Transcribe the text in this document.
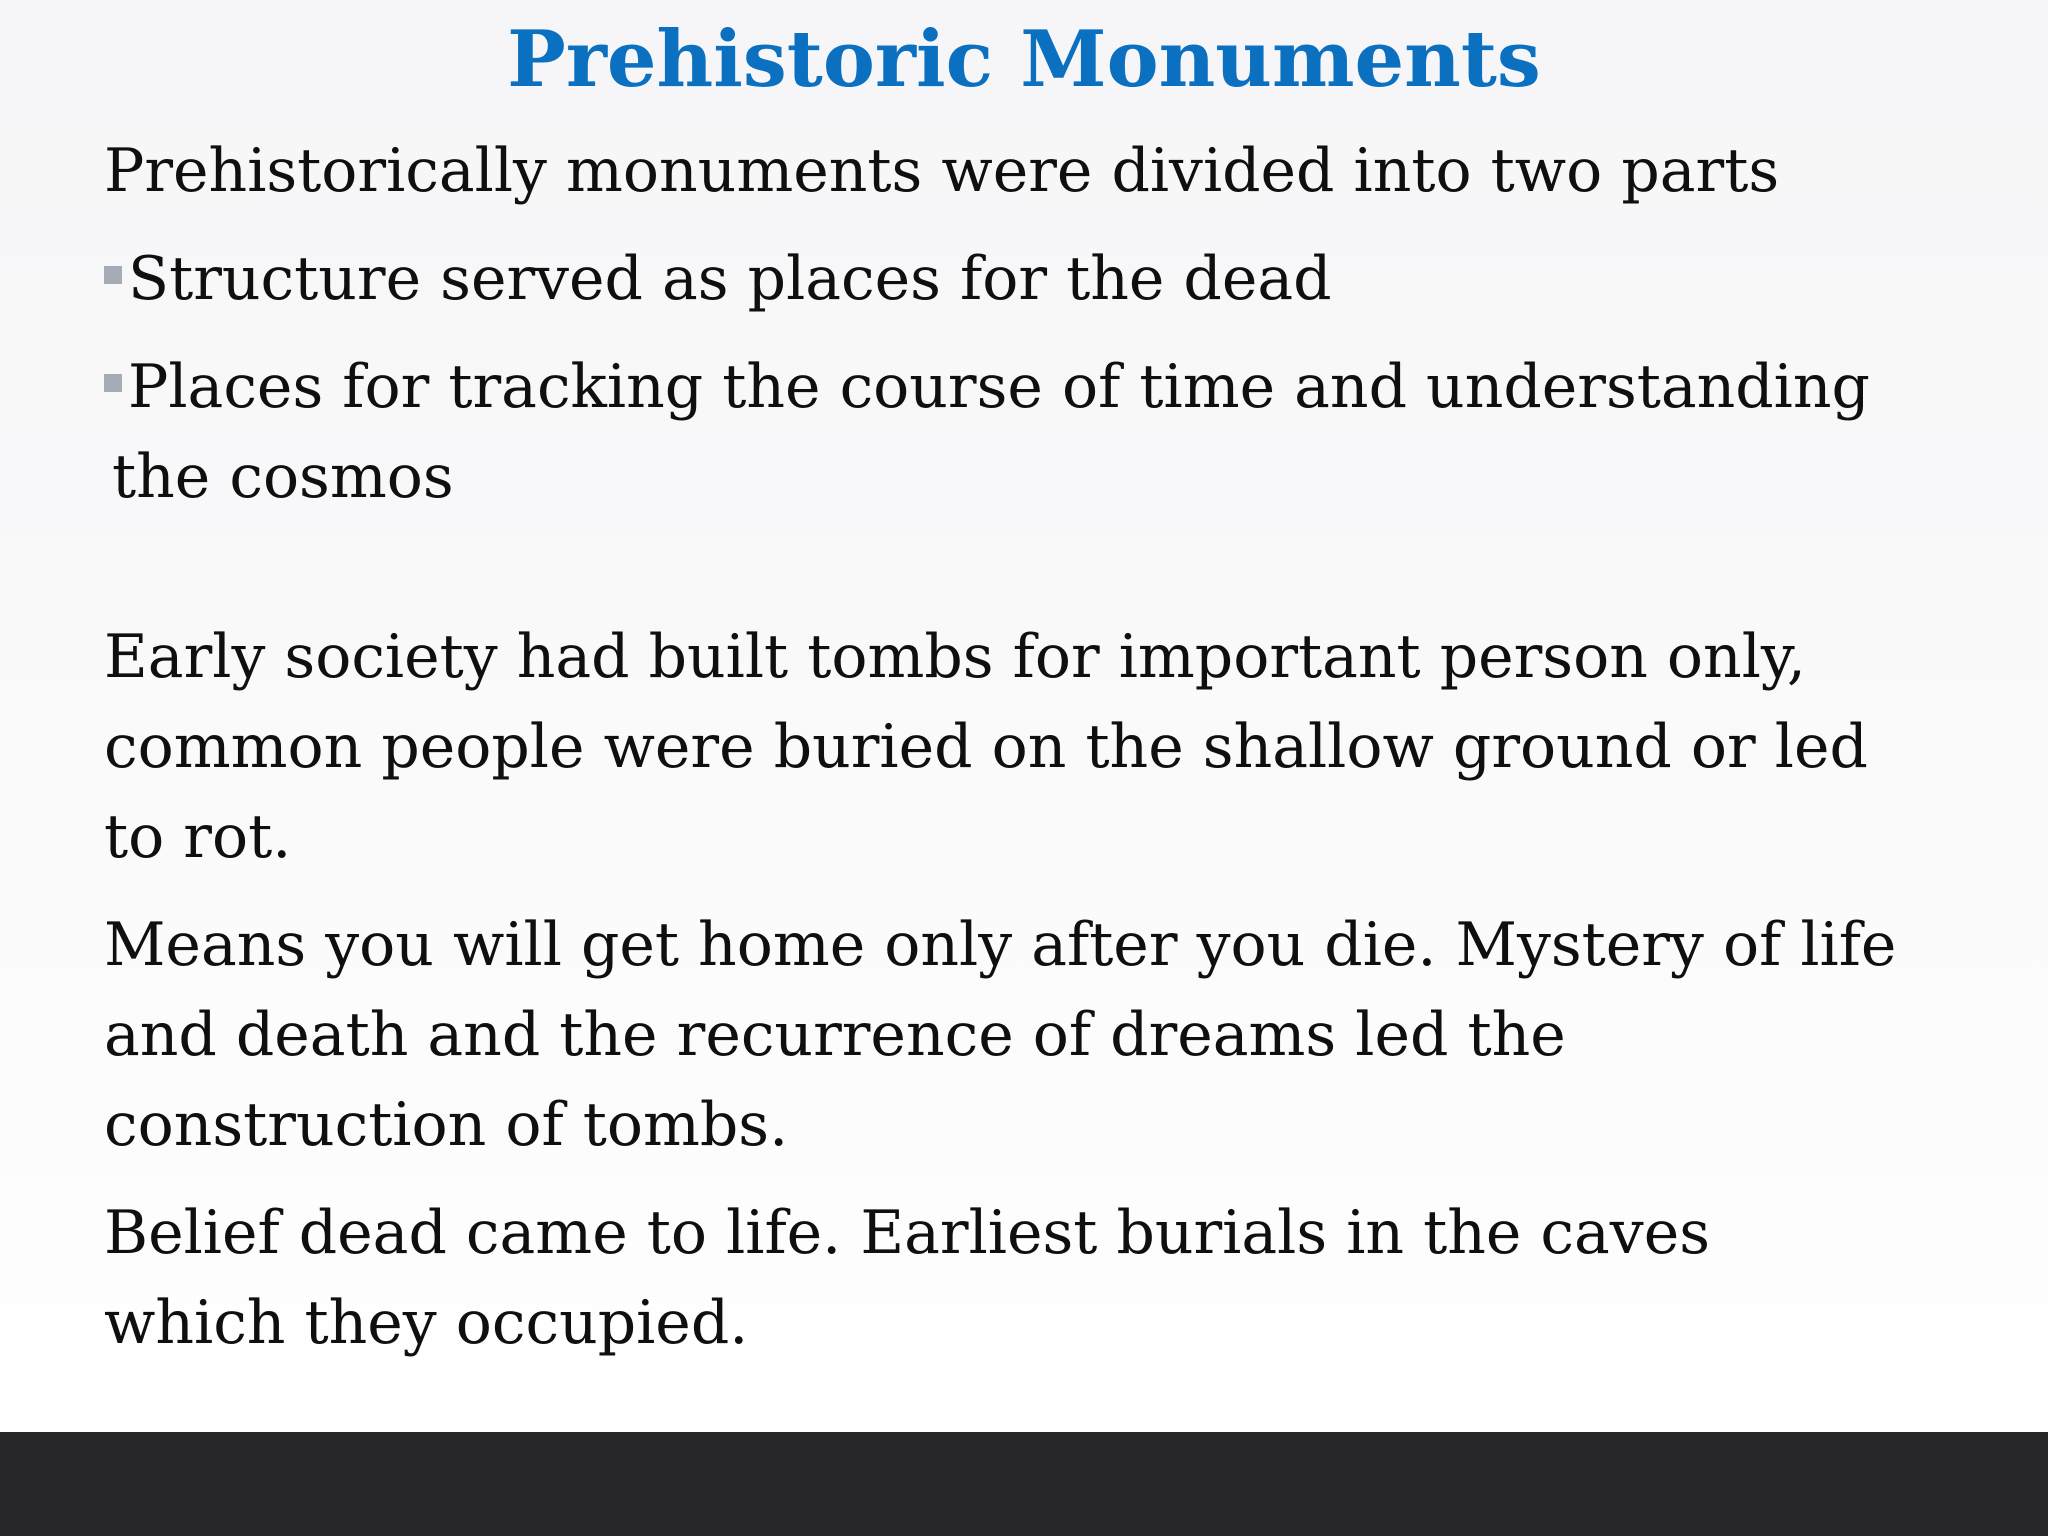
Prehistoric Monuments

Prehistorically monuments were divided into two parts

Structure served as places for the dead
Places for tracking the course of time and understanding

the cosmos

Early society had built tombs for important person only,
common people were buried on the shallow ground or led
to rot.

Means you will get home only after you die. Mystery of life
and death and the recurrence of dreams led the
construction of tombs.

Belief dead came to life. Earliest burials in the caves
which they occupied.
